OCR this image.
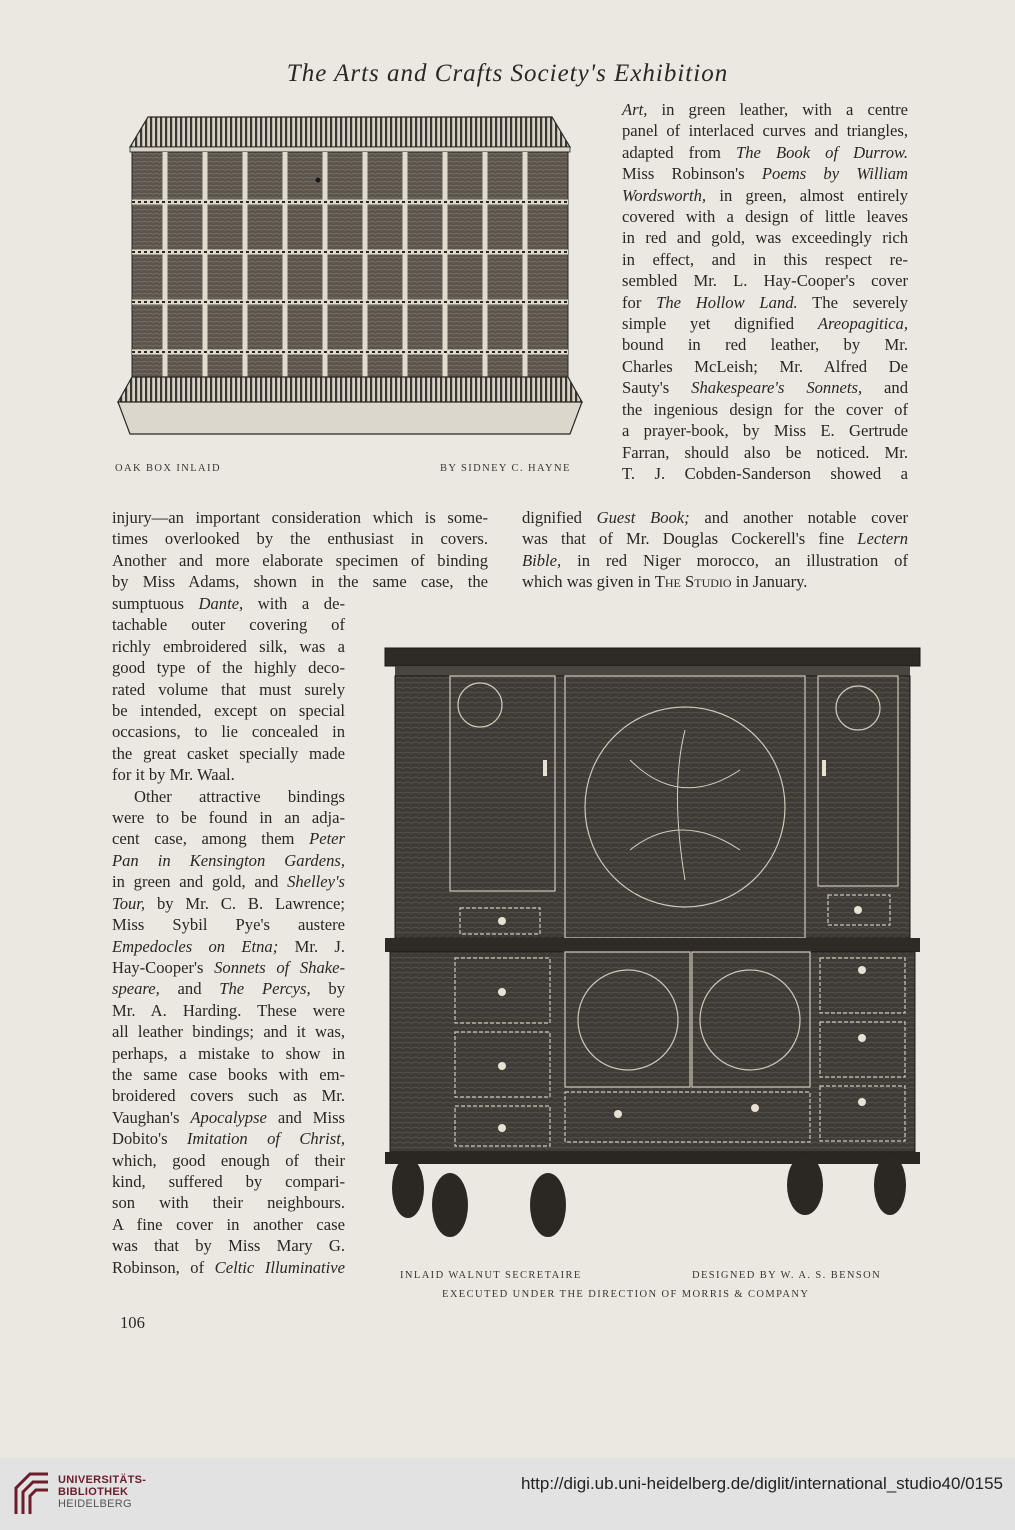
The Arts and Crafts Society's Exhibition
OAK BOX INLAID	BY SIDNEY C. HAYNE

Art, in green leather, with a centre

panel of interlaced curves and triangles,

adapted from The Book of Durrow.

Miss Robinson's Poems by William

Wordsworth, in green, almost entirely

covered with a design of little leaves

in red and gold, was exceedingly rich

in effect, and in this respect re-

sembled Mr. L. Hay-Cooper's cover

for The Hollow Land. The severely

simple yet dignified Areopagitica,

bound in red leather, by Mr.

Charles McLeish; Mr. Alfred De

Sauty's Shakespeare's Sonnets, and

the ingenious design for the cover of

a prayer-book, by Miss E. Gertrude

Farran, should also be noticed. Mr.

T. J. Cobden-Sanderson showed a

injury—an important consideration which is some-

times overlooked by the enthusiast in covers.

Another and more elaborate specimen of binding

by Miss Adams, shown in the same case, the

dignified Guest Book; and another notable cover

was that of Mr. Douglas Cockerell's fine Lectern

Bible, in red Niger morocco, an illustration of

which was given in The Studio in January.

sumptuous Dante, with a de-

tachable outer covering of

richly embroidered silk, was a

good type of the highly deco-

rated volume that must surely

be intended, except on special

occasions, to lie concealed in

the great casket specially made

for it by Mr. Waal.

Other attractive bindings

were to be found in an adja-

cent case, among them Peter

Pan in Kensington Gardens,

in green and gold, and Shelley's

Tour, by Mr. C. B. Lawrence;

Miss Sybil Pye's austere

Empedocles on Etna; Mr. J.

Hay-Cooper's Sonnets of Shake-

speare, and The Percys, by

Mr. A. Harding. These were

all leather bindings; and it was,

perhaps, a mistake to show in

the same case books with em-

broidered covers such as Mr.

Vaughan's Apocalypse and Miss

Dobito's Imitation of Christ,

which, good enough of their

kind, suffered by compari-

son with their neighbours.

A fine cover in another case

was that by Miss Mary G.

Robinson, of Celtic Illuminative

106
INLAID WALNUT SECRETAIRE	DESIGNED BY W. A. S. BENSON
EXECUTED UNDER THE DIRECTION OF MORRIS & COMPANY
UNIVERSITÄTS-
BIBLIOTHEK
HEIDELBERG
http://digi.ub.uni-heidelberg.de/diglit/international_studio40/0155
